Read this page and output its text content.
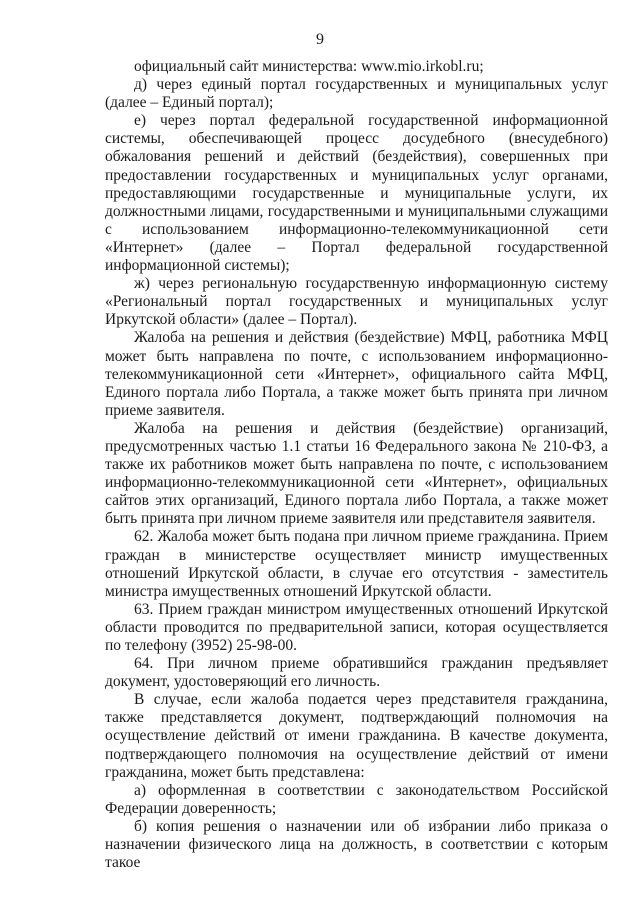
9

официальный сайт министерства: www.mio.irkobl.ru;

д) через единый портал государственных и муниципальных услуг (далее – Единый портал);

е) через портал федеральной государственной информационной системы, обеспечивающей процесс досудебного (внесудебного) обжалования решений и действий (бездействия), совершенных при предоставлении государственных и муниципальных услуг органами, предоставляющими государственные и муниципальные услуги, их должностными лицами, государственными и муниципальными служащими с использованием информационно-телекоммуникационной сети «Интернет» (далее – Портал федеральной государственной информационной системы);

ж) через региональную государственную информационную систему «Региональный портал государственных и муниципальных услуг Иркутской области» (далее – Портал).

Жалоба на решения и действия (бездействие) МФЦ, работника МФЦ может быть направлена по почте, с использованием информационно-телекоммуникационной сети «Интернет», официального сайта МФЦ, Единого портала либо Портала, а также может быть принята при личном приеме заявителя.

Жалоба на решения и действия (бездействие) организаций, предусмотренных частью 1.1 статьи 16 Федерального закона № 210-ФЗ, а также их работников может быть направлена по почте, с использованием информационно-телекоммуникационной сети «Интернет», официальных сайтов этих организаций, Единого портала либо Портала, а также может быть принята при личном приеме заявителя или представителя заявителя.

62. Жалоба может быть подана при личном приеме гражданина. Прием граждан в министерстве осуществляет министр имущественных отношений Иркутской области, в случае его отсутствия - заместитель министра имущественных отношений Иркутской области.

63. Прием граждан министром имущественных отношений Иркутской области проводится по предварительной записи, которая осуществляется по телефону (3952) 25-98-00.

64. При личном приеме обратившийся гражданин предъявляет документ, удостоверяющий его личность.

В случае, если жалоба подается через представителя гражданина, также представляется документ, подтверждающий полномочия на осуществление действий от имени гражданина. В качестве документа, подтверждающего полномочия на осуществление действий от имени гражданина, может быть представлена:

а) оформленная в соответствии с законодательством Российской Федерации доверенность;

б) копия решения о назначении или об избрании либо приказа о назначении физического лица на должность, в соответствии с которым такое
